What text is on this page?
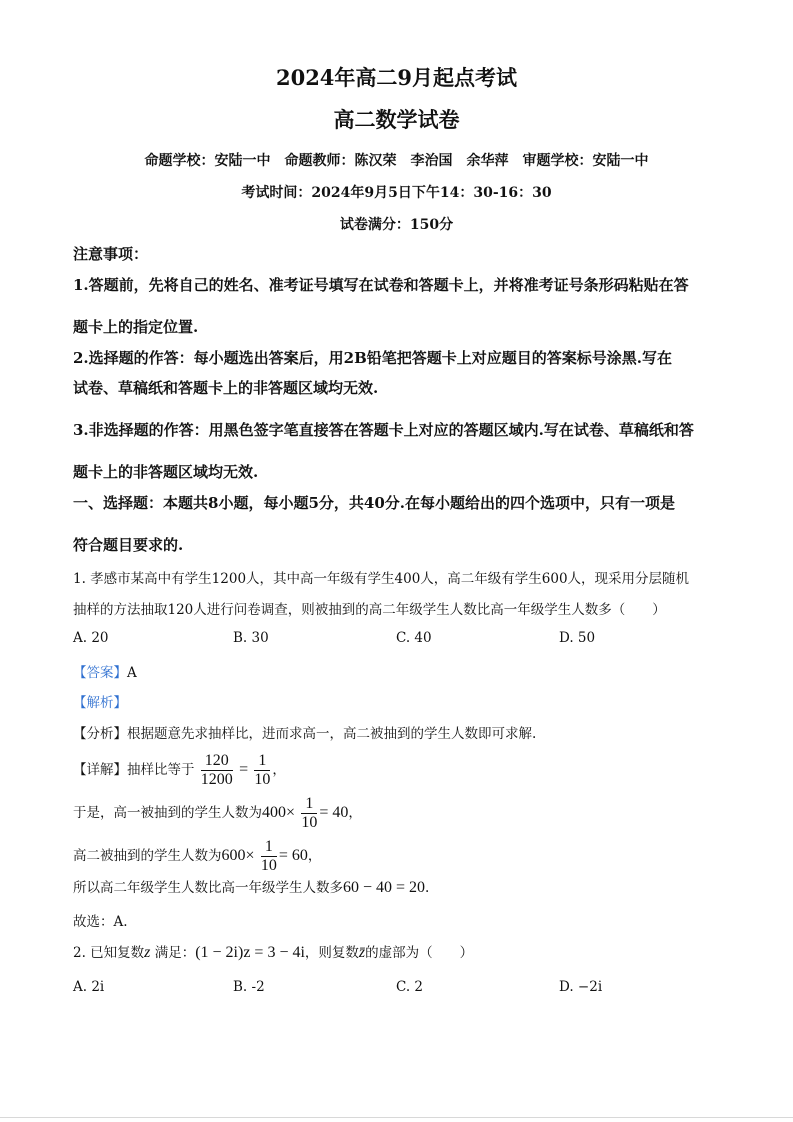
2024年高二9月起点考试
高二数学试卷
命题学校：安陆一中　命题教师：陈汉荣　李治国　余华萍　审题学校：安陆一中
考试时间：2024年9月5日下午14：30-16：30
试卷满分：150分
注意事项：
1.答题前，先将自己的姓名、准考证号填写在试卷和答题卡上，并将准考证号条形码粘贴在答
题卡上的指定位置.
2.选择题的作答：每小题选出答案后，用2B铅笔把答题卡上对应题目的答案标号涂黑.写在
试卷、草稿纸和答题卡上的非答题区域均无效.
3.非选择题的作答：用黑色签字笔直接答在答题卡上对应的答题区域内.写在试卷、草稿纸和答
题卡上的非答题区域均无效.
一、选择题：本题共8小题，每小题5分，共40分.在每小题给出的四个选项中，只有一项是
符合题目要求的.
1. 孝感市某高中有学生1200人，其中高一年级有学生400人，高二年级有学生600人，现采用分层随机
抽样的方法抽取120人进行问卷调查，则被抽到的高二年级学生人数比高一年级学生人数多（　　）
A. 20	B. 30	C. 40	D. 50
【答案】A
【解析】
【分析】根据题意先求抽样比，进而求高一，高二被抽到的学生人数即可求解.
【详解】抽样比等于 $\frac{120}{1200} = \frac{1}{10}$ ，
于是，高一被抽到的学生人数为$400\times \frac{1}{10} = 40$，
高二被抽到的学生人数为$600\times \frac{1}{10} = 60$，
所以高二年级学生人数比高一年级学生人数多60 − 40 = 20.
故选：A.
2. 已知复数z 满足：(1 − 2i)z = 3 − 4i，则复数z̄的虚部为（　　）
A. 2i	B. -2	C. 2	D. −2i
